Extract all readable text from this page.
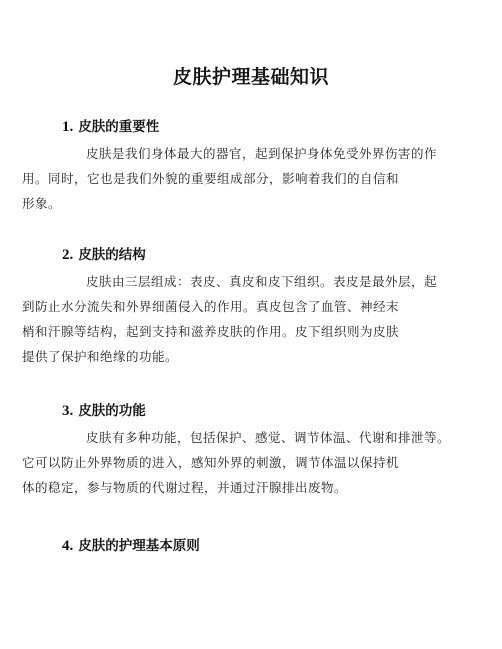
皮肤护理基础知识
1. 皮肤的重要性
皮肤是我们身体最大的器官，起到保护身体免受外界伤害的作
用。同时，它也是我们外貌的重要组成部分，影响着我们的自信和
形象。
2. 皮肤的结构
皮肤由三层组成：表皮、真皮和皮下组织。表皮是最外层，起
到防止水分流失和外界细菌侵入的作用。真皮包含了血管、神经末
梢和汗腺等结构，起到支持和滋养皮肤的作用。皮下组织则为皮肤
提供了保护和绝缘的功能。
3. 皮肤的功能
皮肤有多种功能，包括保护、感觉、调节体温、代谢和排泄等。
它可以防止外界物质的进入，感知外界的刺激，调节体温以保持机
体的稳定，参与物质的代谢过程，并通过汗腺排出废物。
4. 皮肤的护理基本原则
